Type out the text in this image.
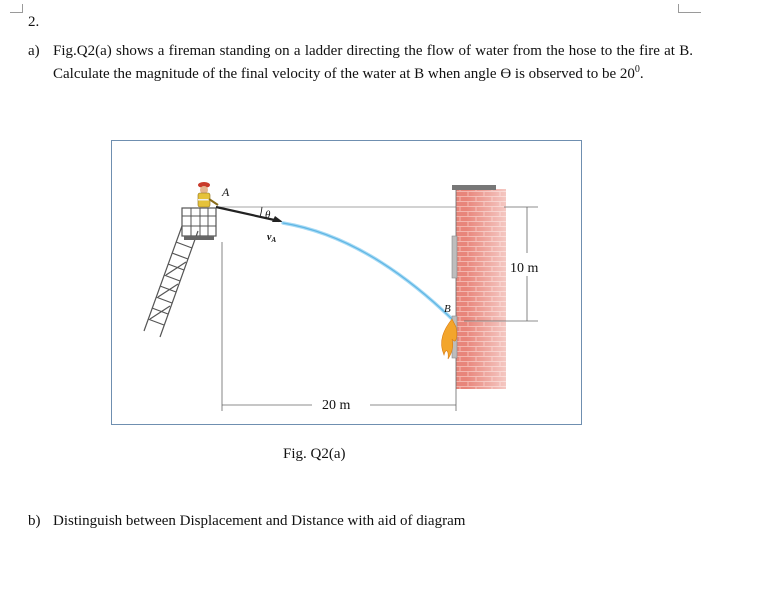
2.
a) Fig.Q2(a) shows a fireman standing on a ladder directing the flow of water from the hose to the fire at B. Calculate the magnitude of the final velocity of the water at B when angle ϴ is observed to be $20^0$.
10 m
20 m
A
B
θ
$v_A$
Fig. Q2(a)
b) Distinguish between Displacement and Distance with aid of diagram
